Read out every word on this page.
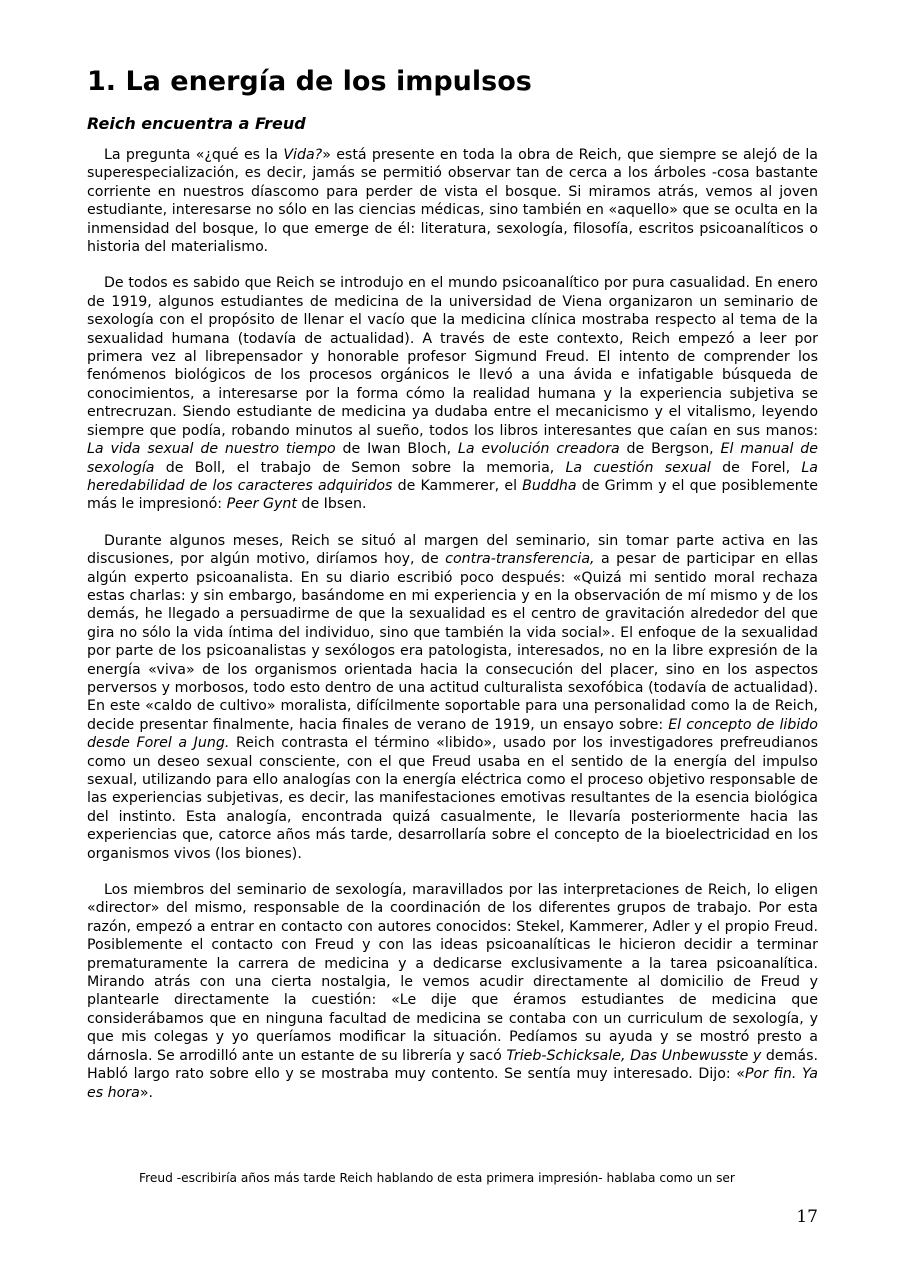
1. La energía de los impulsos
Reich encuentra a Freud

La pregunta «¿qué es la Vida?» está presente en toda la obra de Reich, que siempre se alejó de la superespecialización, es decir, jamás se permitió observar tan de cerca a los árboles -cosa bastante corriente en nuestros díascomo para perder de vista el bosque. Si miramos atrás, vemos al joven estudiante, interesarse no sólo en las ciencias médicas, sino también en «aquello» que se oculta en la inmensidad del bosque, lo que emerge de él: literatura, sexología, filosofía, escritos psicoanalíticos o historia del materialismo.

De todos es sabido que Reich se introdujo en el mundo psicoanalítico por pura casualidad. En enero de 1919, algunos estudiantes de medicina de la universidad de Viena organizaron un seminario de sexología con el propósito de llenar el vacío que la medicina clínica mostraba respecto al tema de la sexualidad humana (todavía de actualidad). A través de este contexto, Reich empezó a leer por primera vez al librepensador y honorable profesor Sigmund Freud. El intento de comprender los fenómenos biológicos de los procesos orgánicos le llevó a una ávida e infatigable búsqueda de conocimientos, a interesarse por la forma cómo la realidad humana y la experiencia subjetiva se entrecruzan. Siendo estudiante de medicina ya dudaba entre el mecanicismo y el vitalismo, leyendo siempre que podía, robando minutos al sueño, todos los libros interesantes que caían en sus manos: La vida sexual de nuestro tiempo de Iwan Bloch, La evolución creadora de Bergson, El manual de sexología de Boll, el trabajo de Semon sobre la memoria, La cuestión sexual de Forel, La heredabilidad de los caracteres adquiridos de Kammerer, el Buddha de Grimm y el que posiblemente más le impresionó: Peer Gynt de Ibsen.

Durante algunos meses, Reich se situó al margen del seminario, sin tomar parte activa en las discusiones, por algún motivo, diríamos hoy, de contra-transferencia, a pesar de participar en ellas algún experto psicoanalista. En su diario escribió poco después: «Quizá mi sentido moral rechaza estas charlas: y sin embargo, basándome en mi experiencia y en la observación de mí mismo y de los demás, he llegado a persuadirme de que la sexualidad es el centro de gravitación alrededor del que gira no sólo la vida íntima del individuo, sino que también la vida social». El enfoque de la sexualidad por parte de los psicoanalistas y sexólogos era patologista, interesados, no en la libre expresión de la energía «viva» de los organismos orientada hacia la consecución del placer, sino en los aspectos perversos y morbosos, todo esto dentro de una actitud culturalista sexofóbica (todavía de actualidad). En este «caldo de cultivo» moralista, difícilmente soportable para una personalidad como la de Reich, decide presentar finalmente, hacia finales de verano de 1919, un ensayo sobre: El concepto de libido desde Forel a Jung. Reich contrasta el término «libido», usado por los investigadores prefreudianos como un deseo sexual consciente, con el que Freud usaba en el sentido de la energía del impulso sexual, utilizando para ello analogías con la energía eléctrica como el proceso objetivo responsable de las experiencias subjetivas, es decir, las manifestaciones emotivas resultantes de la esencia biológica del instinto. Esta analogía, encontrada quizá casualmente, le llevaría posteriormente hacia las experiencias que, catorce años más tarde, desarrollaría sobre el concepto de la bioelectricidad en los organismos vivos (los biones).

Los miembros del seminario de sexología, maravillados por las interpretaciones de Reich, lo eligen «director» del mismo, responsable de la coordinación de los diferentes grupos de trabajo. Por esta razón, empezó a entrar en contacto con autores conocidos: Stekel, Kammerer, Adler y el propio Freud. Posiblemente el contacto con Freud y con las ideas psicoanalíticas le hicieron decidir a terminar prematuramente la carrera de medicina y a dedicarse exclusivamente a la tarea psicoanalítica. Mirando atrás con una cierta nostalgia, le vemos acudir directamente al domicilio de Freud y plantearle directamente la cuestión: «Le dije que éramos estudiantes de medicina que considerábamos que en ninguna facultad de medicina se contaba con un curriculum de sexología, y que mis colegas y yo queríamos modificar la situación. Pedíamos su ayuda y se mostró presto a dárnosla. Se arrodilló ante un estante de su librería y sacó Trieb-Schicksale, Das Unbewusste y demás. Habló largo rato sobre ello y se mostraba muy contento. Se sentía muy interesado. Dijo: «Por fin. Ya es hora».

Freud -escribiría años más tarde Reich hablando de esta primera impresión- hablaba como un ser

17
